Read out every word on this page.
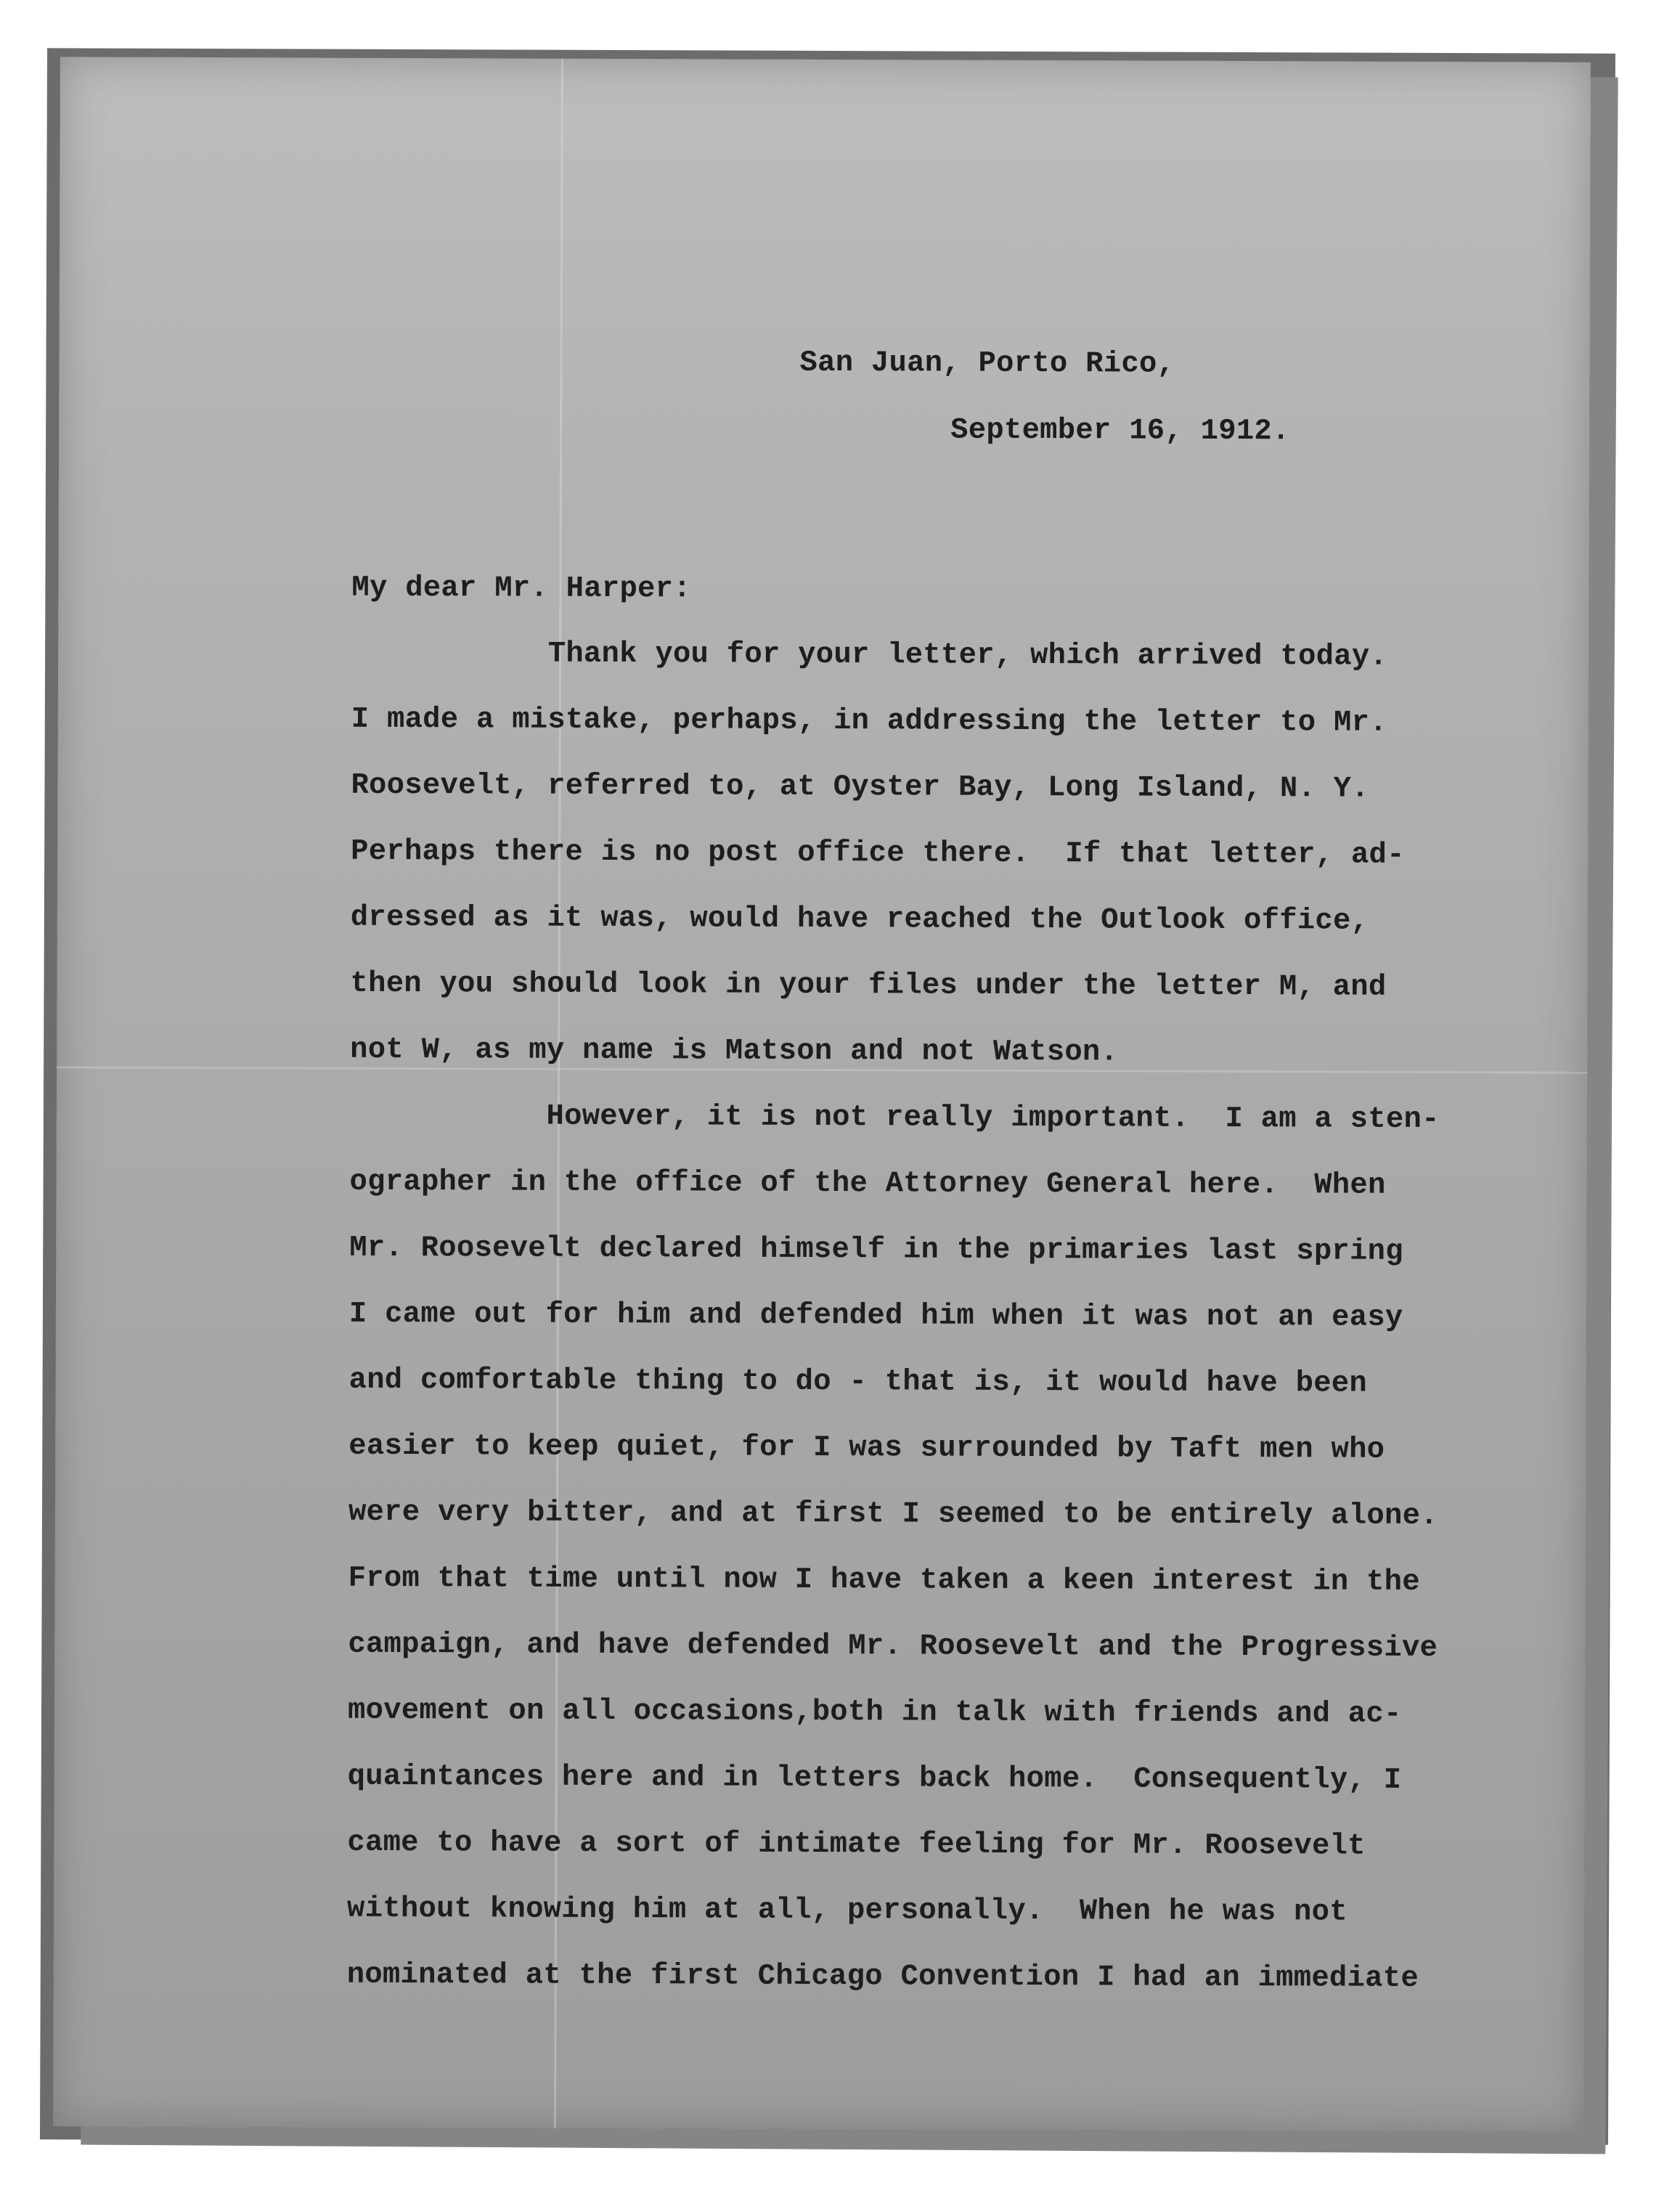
San Juan, Porto Rico,
September 16, 1912.
My dear Mr. Harper:
Thank you for your letter, which arrived today.
I made a mistake, perhaps, in addressing the letter to Mr.
Roosevelt, referred to, at Oyster Bay, Long Island, N. Y.
Perhaps there is no post office there.  If that letter, ad-
dressed as it was, would have reached the Outlook office,
then you should look in your files under the letter M, and
not W, as my name is Matson and not Watson.
However, it is not really important.  I am a sten-
ographer in the office of the Attorney General here.  When
Mr. Roosevelt declared himself in the primaries last spring
I came out for him and defended him when it was not an easy
and comfortable thing to do - that is, it would have been
easier to keep quiet, for I was surrounded by Taft men who
were very bitter, and at first I seemed to be entirely alone.
From that time until now I have taken a keen interest in the
campaign, and have defended Mr. Roosevelt and the Progressive
movement on all occasions,both in talk with friends and ac-
quaintances here and in letters back home.  Consequently, I
came to have a sort of intimate feeling for Mr. Roosevelt
without knowing him at all, personally.  When he was not
nominated at the first Chicago Convention I had an immediate
